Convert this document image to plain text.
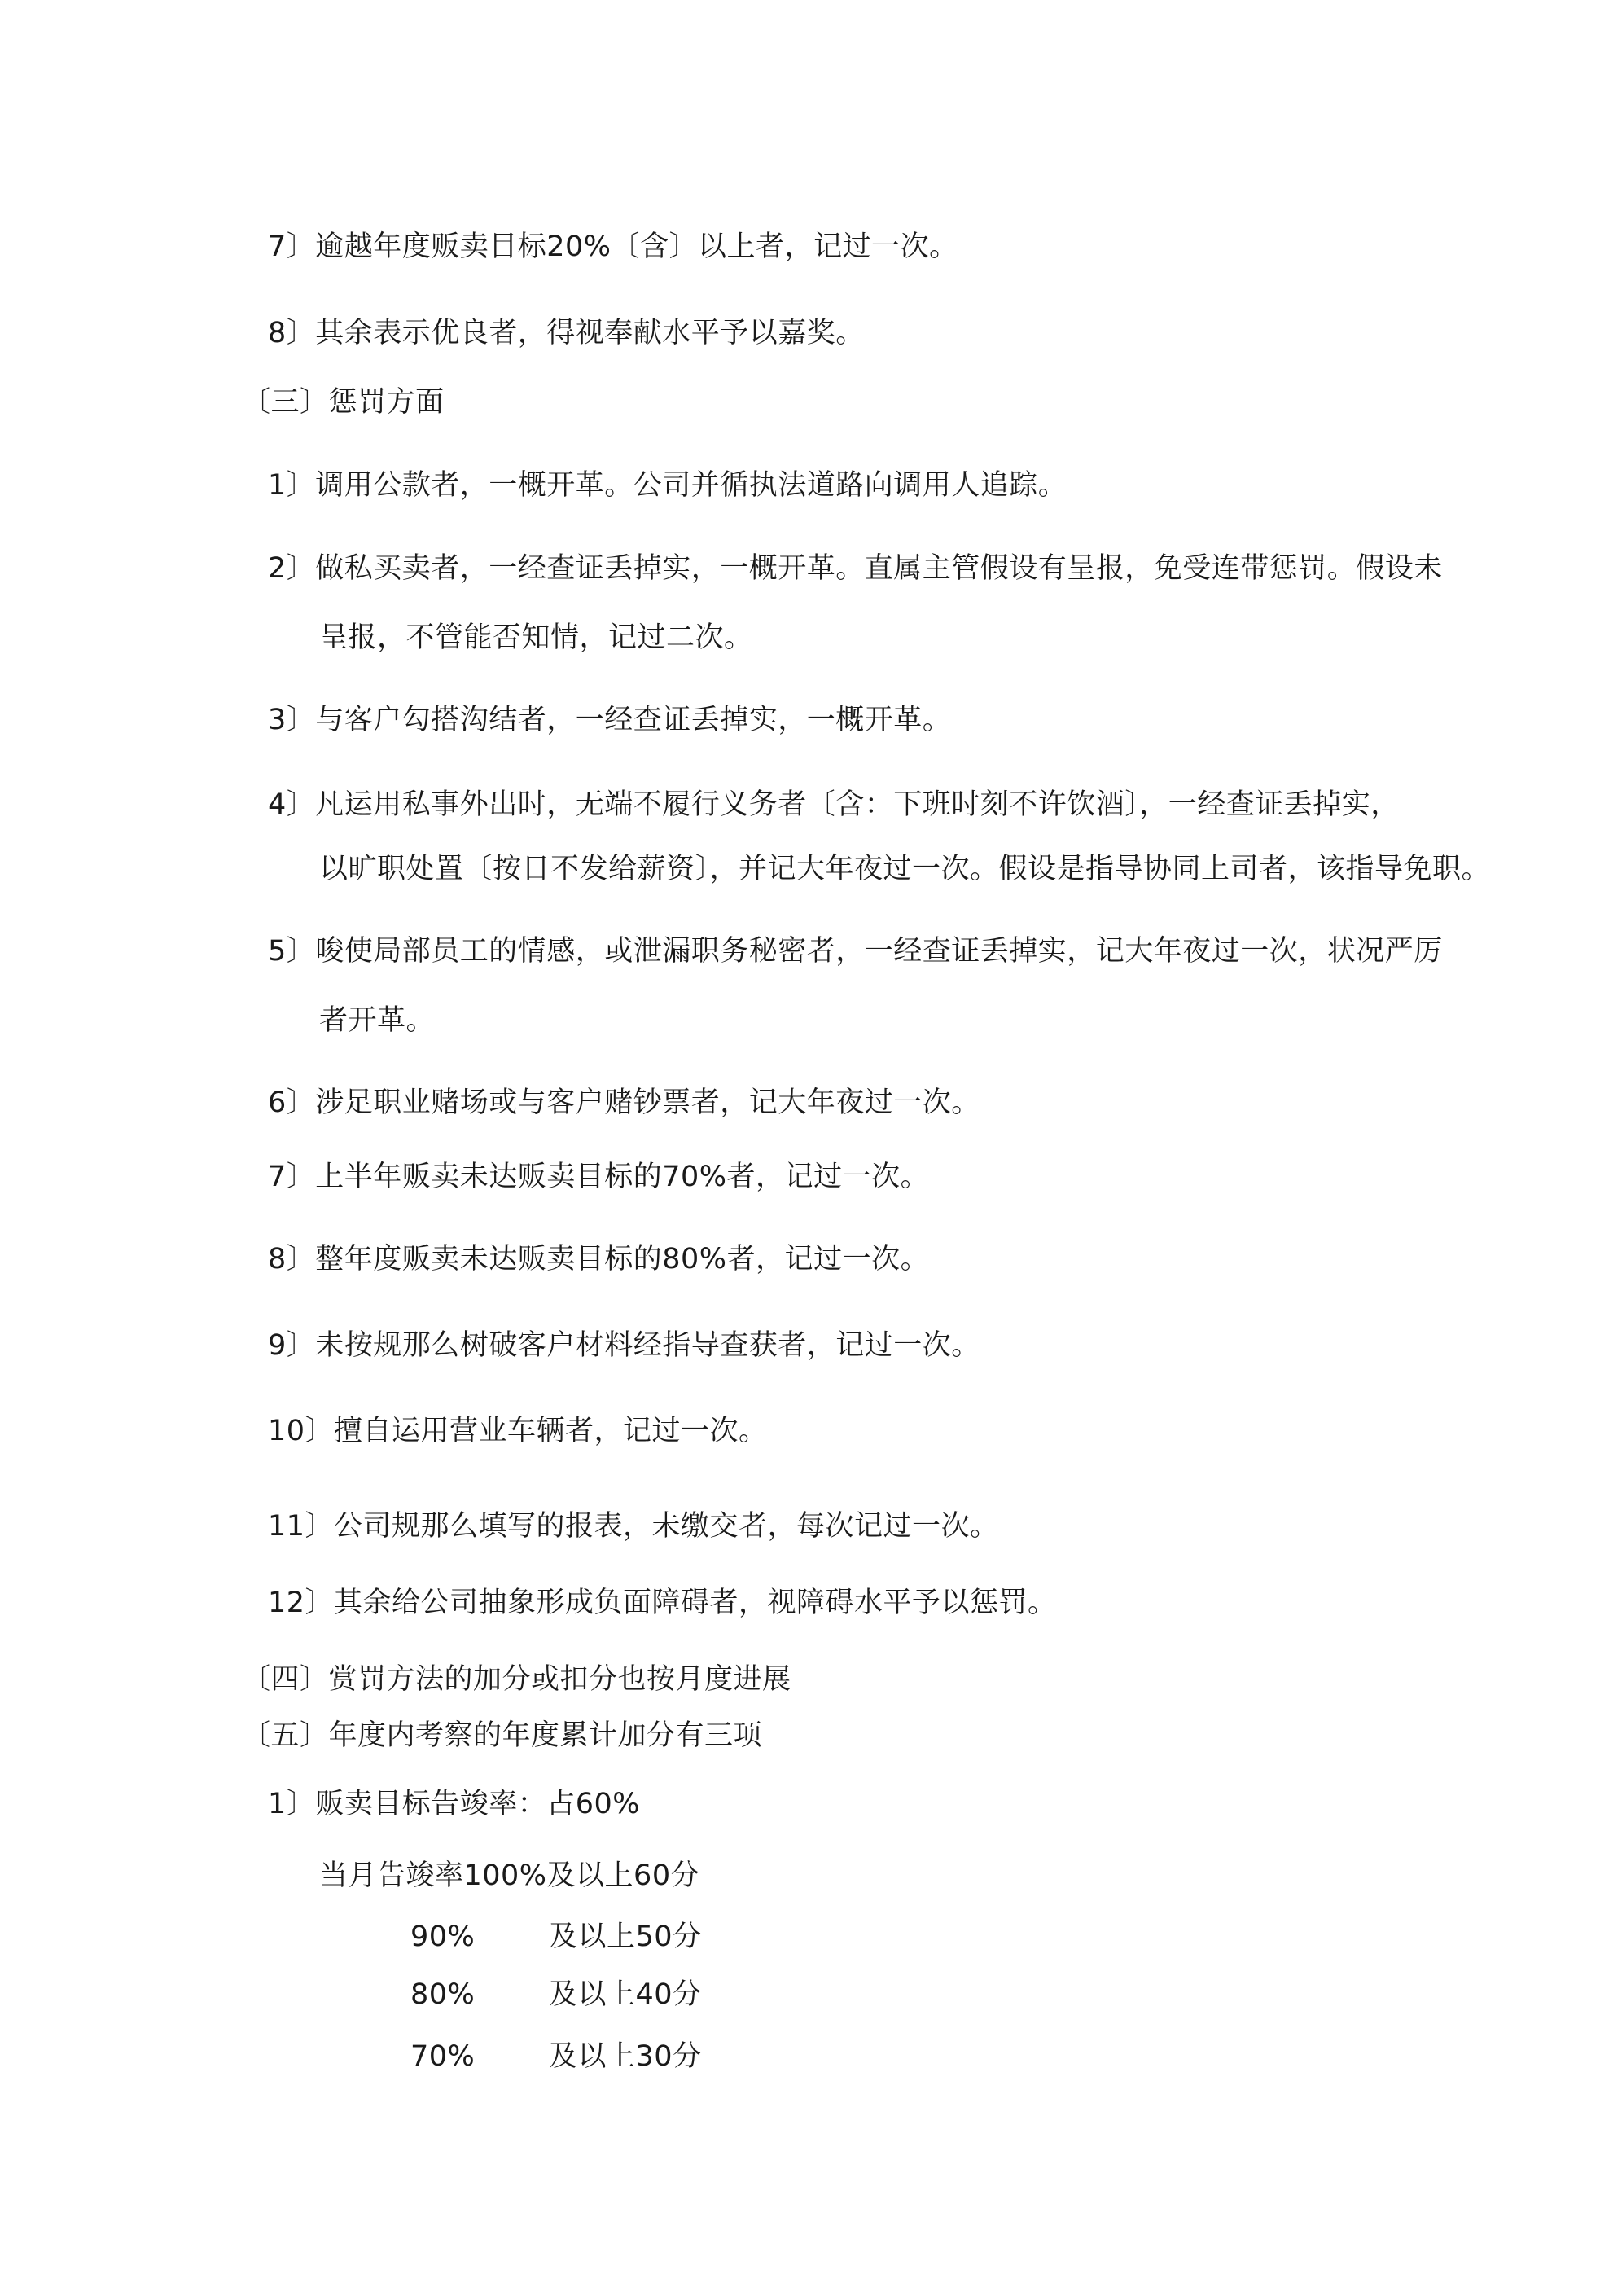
7〕逾越年度贩卖目标20%〔含〕以上者，记过一次。
8〕其余表示优良者，得视奉献水平予以嘉奖。
〔三〕惩罚方面
1〕调用公款者，一概开革。公司并循执法道路向调用人追踪。
2〕做私买卖者，一经查证丢掉实，一概开革。直属主管假设有呈报，免受连带惩罚。假设未
呈报，不管能否知情，记过二次。
3〕与客户勾搭沟结者，一经查证丢掉实，一概开革。
4〕凡运用私事外出时，无端不履行义务者〔含：下班时刻不许饮酒〕，一经查证丢掉实，
以旷职处置〔按日不发给薪资〕，并记大年夜过一次。假设是指导协同上司者，该指导免职。
5〕唆使局部员工的情感，或泄漏职务秘密者，一经查证丢掉实，记大年夜过一次，状况严厉
者开革。
6〕涉足职业赌场或与客户赌钞票者，记大年夜过一次。
7〕上半年贩卖未达贩卖目标的70%者，记过一次。
8〕整年度贩卖未达贩卖目标的80%者，记过一次。
9〕未按规那么树破客户材料经指导查获者，记过一次。
10〕擅自运用营业车辆者，记过一次。
11〕公司规那么填写的报表，未缴交者，每次记过一次。
12〕其余给公司抽象形成负面障碍者，视障碍水平予以惩罚。
〔四〕赏罚方法的加分或扣分也按月度进展
〔五〕年度内考察的年度累计加分有三项
1〕贩卖目标告竣率：占60%
当月告竣率100%及以上60分
90%	及以上50分
80%	及以上40分
70%	及以上30分
